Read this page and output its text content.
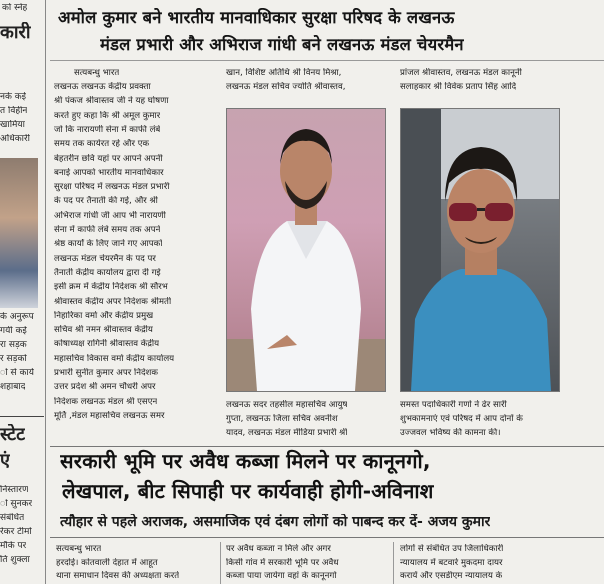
को स्नेह
कारी
नके कई
त विहीन
खामिया
अधिकारी
के अनुरूप
गयी कई
रा सड़क
र सड़को
ो से कार्य
शहाबाद
स्टेट
एं
निस्तारण
ो सुनकर
संबंधित
रेकर टीमो
मौके पर
ति शुक्ला
अमोल कुमार बने भारतीय मानवाधिकार सुरक्षा परिषद के लखनऊ
मंडल प्रभारी और अभिराज गांधी बने लखनऊ मंडल चेयरमैन
सत्यबन्धु भारत
लखनऊ लखनऊ केंद्रीय प्रवक्ता
श्री पंकज श्रीवास्तव जी ने यह घोषणा
करते हुए कहा कि श्री अमूल कुमार
जो कि नारायणी सेना में काफी लंबे
समय तक कार्यरत रहे और एक
बेहतरीन छवि यहां पर आपने अपनी
बनाई आपको भारतीय मानवाधिकार
सुरक्षा परिषद में लखनऊ मंडल प्रभारी
के पद पर तैनाती की गई, और श्री
अभिराज गांधी जी आप भी नारायणी
सेना में काफी लंबे समय तक अपने
श्रेष्ठ कार्यों के लिए जाने गए आपको
लखनऊ मंडल चेयरमैन के पद पर
तैनाती केंद्रीय कार्यालय द्वारा दी गई
इसी क्रम में केंद्रीय निदेशक श्री सौरभ
श्रीवास्तव केंद्रीय अपर निदेशक श्रीमती
निहारिका वर्मा और केंद्रीय प्रमुख
सचिव श्री नमन श्रीवास्तव केंद्रीय
कोषाध्यक्ष रागिनी श्रीवास्तव केंद्रीय
महासचिव विकास वर्मा केंद्रीय कार्यालय
प्रभारी सुनीत कुमार अपर निदेशक
उत्तर प्रदेश श्री अमन चौधरी अपर
निदेशक लखनऊ मंडल श्री एसएन
मूर्ति ,मंडल महासचिव लखनऊ समर
खान, विशिष्ट अतिथि श्री विनय मिश्रा,
लखनऊ मंडल सचिव ज्योति श्रीवास्तव,
प्रांजल श्रीवास्तव, लखनऊ मंडल कानूनी
सलाहकार श्री विवेक प्रताप सिंह आदि
लखनऊ सदर तहसील महासचिव आयुष
गुप्ता, लखनऊ जिला सचिव अवनीश
यादव, लखनऊ मंडल मीडिया प्रभारी श्री
समस्त पदाधिकारी गणो ने ढेर सारी
शुभकामनाएं एवं परिषद में आप दोनों के
उज्जवल भविष्य की कामना की।
सरकारी भूमि पर अवैध कब्जा मिलने पर कानूनगो,
लेखपाल, बीट सिपाही पर कार्यवाही होगी-अविनाश
त्यौहार से पहले अराजक, असमाजिक एवं दंबग लोगों को पाबन्द कर दें- अजय कुमार
सत्यबन्धु भारत
हरदोई। कोतवाली देहात में आहूत
थाना समाधान दिवस की अध्यक्षता करते
पर अवैध कब्जा न मिले और अगर
किसी गांव में सरकारी भूमि पर अवैध
कब्जा पाया जायेगा वहां के कानूनगो
लोगों से संबंधित उप जिलाधिकारी
न्यायालय में बटवारे मुकदमा दायर
करायें और एसडीएम न्यायालय के
